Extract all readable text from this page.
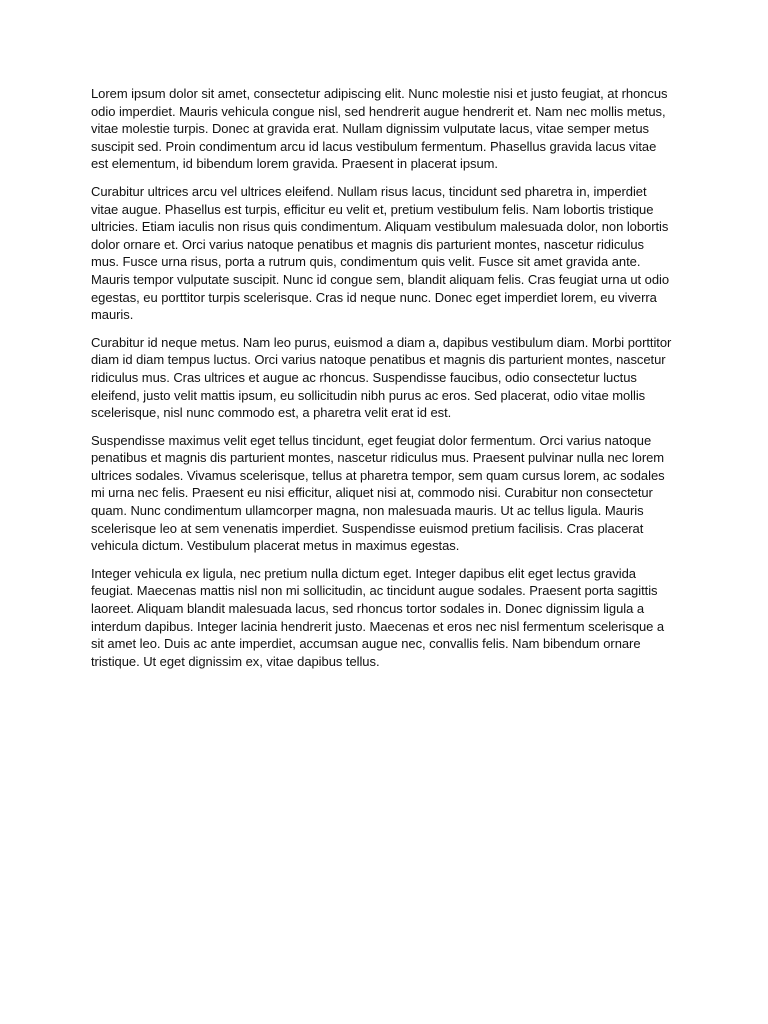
Lorem ipsum dolor sit amet, consectetur adipiscing elit. Nunc molestie nisi et justo feugiat, at rhoncus odio imperdiet. Mauris vehicula congue nisl, sed hendrerit augue hendrerit et. Nam nec mollis metus, vitae molestie turpis. Donec at gravida erat. Nullam dignissim vulputate lacus, vitae semper metus suscipit sed. Proin condimentum arcu id lacus vestibulum fermentum. Phasellus gravida lacus vitae est elementum, id bibendum lorem gravida. Praesent in placerat ipsum.

Curabitur ultrices arcu vel ultrices eleifend. Nullam risus lacus, tincidunt sed pharetra in, imperdiet vitae augue. Phasellus est turpis, efficitur eu velit et, pretium vestibulum felis. Nam lobortis tristique ultricies. Etiam iaculis non risus quis condimentum. Aliquam vestibulum malesuada dolor, non lobortis dolor ornare et. Orci varius natoque penatibus et magnis dis parturient montes, nascetur ridiculus mus. Fusce urna risus, porta a rutrum quis, condimentum quis velit. Fusce sit amet gravida ante. Mauris tempor vulputate suscipit. Nunc id congue sem, blandit aliquam felis. Cras feugiat urna ut odio egestas, eu porttitor turpis scelerisque. Cras id neque nunc. Donec eget imperdiet lorem, eu viverra mauris.

Curabitur id neque metus. Nam leo purus, euismod a diam a, dapibus vestibulum diam. Morbi porttitor diam id diam tempus luctus. Orci varius natoque penatibus et magnis dis parturient montes, nascetur ridiculus mus. Cras ultrices et augue ac rhoncus. Suspendisse faucibus, odio consectetur luctus eleifend, justo velit mattis ipsum, eu sollicitudin nibh purus ac eros. Sed placerat, odio vitae mollis scelerisque, nisl nunc commodo est, a pharetra velit erat id est.

Suspendisse maximus velit eget tellus tincidunt, eget feugiat dolor fermentum. Orci varius natoque penatibus et magnis dis parturient montes, nascetur ridiculus mus. Praesent pulvinar nulla nec lorem ultrices sodales. Vivamus scelerisque, tellus at pharetra tempor, sem quam cursus lorem, ac sodales mi urna nec felis. Praesent eu nisi efficitur, aliquet nisi at, commodo nisi. Curabitur non consectetur quam. Nunc condimentum ullamcorper magna, non malesuada mauris. Ut ac tellus ligula. Mauris scelerisque leo at sem venenatis imperdiet. Suspendisse euismod pretium facilisis. Cras placerat vehicula dictum. Vestibulum placerat metus in maximus egestas.

Integer vehicula ex ligula, nec pretium nulla dictum eget. Integer dapibus elit eget lectus gravida feugiat. Maecenas mattis nisl non mi sollicitudin, ac tincidunt augue sodales. Praesent porta sagittis laoreet. Aliquam blandit malesuada lacus, sed rhoncus tortor sodales in. Donec dignissim ligula a interdum dapibus. Integer lacinia hendrerit justo. Maecenas et eros nec nisl fermentum scelerisque a sit amet leo. Duis ac ante imperdiet, accumsan augue nec, convallis felis. Nam bibendum ornare tristique. Ut eget dignissim ex, vitae dapibus tellus.
